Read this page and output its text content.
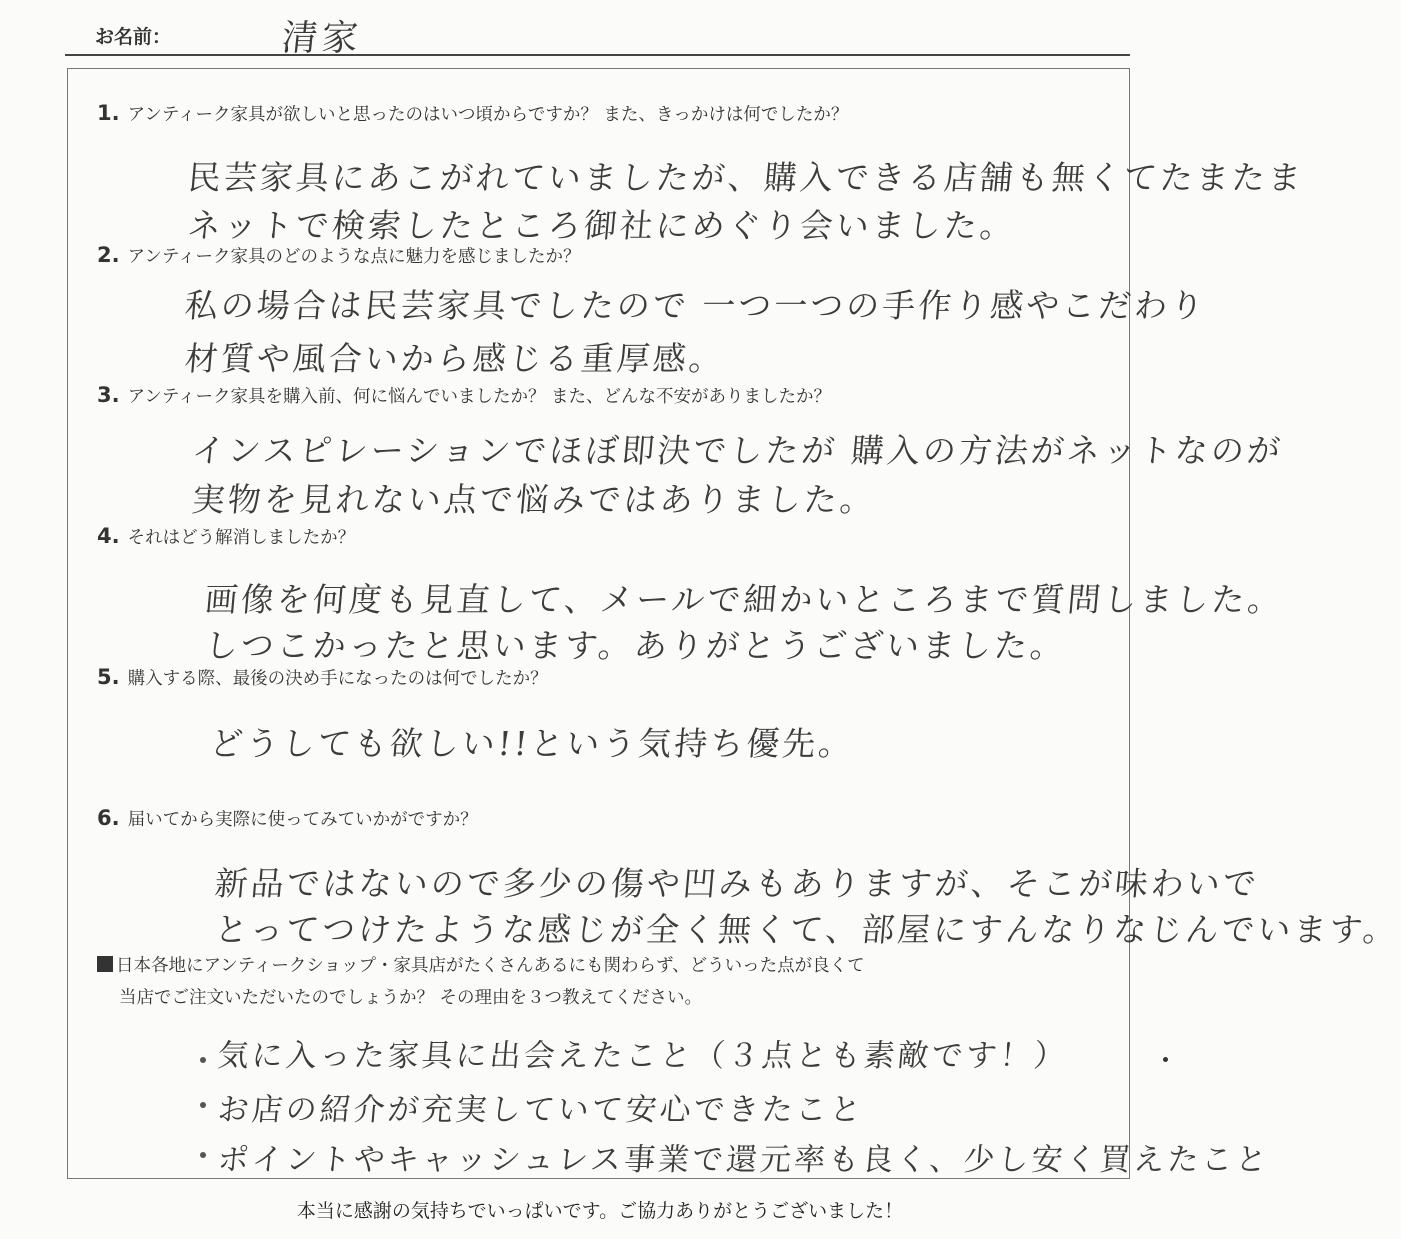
お名前：	清家
1. アンティーク家具が欲しいと思ったのはいつ頃からですか？ また、きっかけは何でしたか？
民芸家具にあこがれていましたが、購入できる店舗も無くてたまたま
ネットで検索したところ御社にめぐり会いました。
2. アンティーク家具のどのような点に魅力を感じましたか？
私の場合は民芸家具でしたので 一つ一つの手作り感やこだわり
材質や風合いから感じる重厚感。
3. アンティーク家具を購入前、何に悩んでいましたか？ また、どんな不安がありましたか？
インスピレーションでほぼ即決でしたが 購入の方法がネットなのが
実物を見れない点で悩みではありました。
4. それはどう解消しましたか？
画像を何度も見直して、メールで細かいところまで質問しました。
しつこかったと思います。ありがとうございました。
5. 購入する際、最後の決め手になったのは何でしたか？
どうしても欲しい!!という気持ち優先。
6. 届いてから実際に使ってみていかがですか？
新品ではないので多少の傷や凹みもありますが、そこが味わいで
とってつけたような感じが全く無くて、部屋にすんなりなじんでいます。
日本各地にアンティークショップ・家具店がたくさんあるにも関わらず、どういった点が良くて
当店でご注文いただいたのでしょうか？ その理由を３つ教えてください。
気に入った家具に出会えたこと（３点とも素敵です！）
お店の紹介が充実していて安心できたこと
ポイントやキャッシュレス事業で還元率も良く、少し安く買えたこと
本当に感謝の気持ちでいっぱいです。ご協力ありがとうございました！
